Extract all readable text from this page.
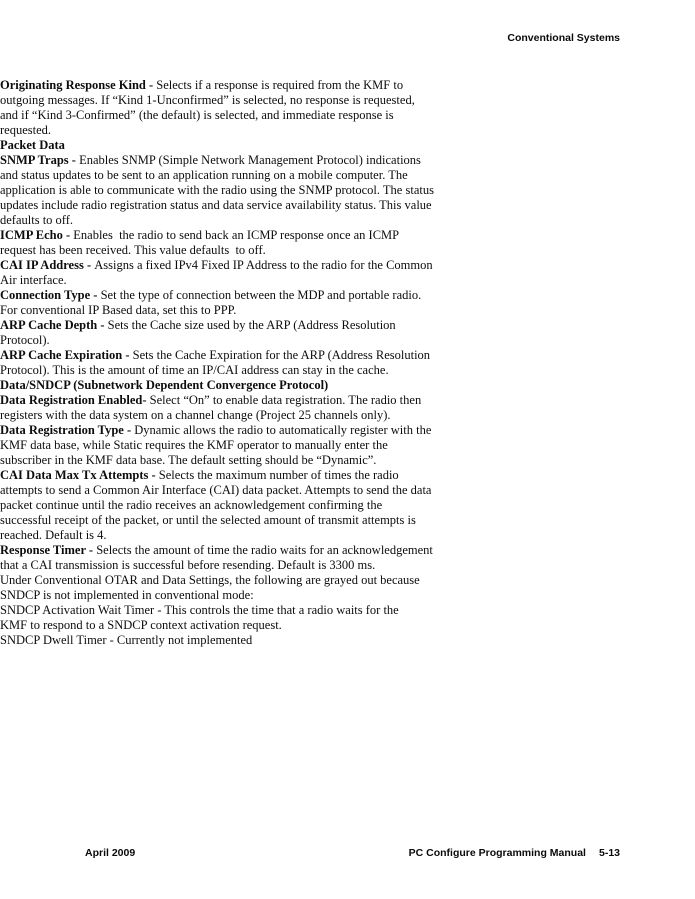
Conventional Systems

Originating Response Kind - Selects if a response is required from the KMF to outgoing messages. If “Kind 1-Unconfirmed” is selected, no response is requested, and if “Kind 3-Confirmed” (the default) is selected, and immediate response is requested.

Packet Data

SNMP Traps - Enables SNMP (Simple Network Management Protocol) indications and status updates to be sent to an application running on a mobile computer. The application is able to communicate with the radio using the SNMP protocol. The status updates include radio registration status and data service availability status. This value defaults to off.

ICMP Echo - Enables  the radio to send back an ICMP response once an ICMP request has been received. This value defaults  to off.

CAI IP Address - Assigns a fixed IPv4 Fixed IP Address to the radio for the Common Air interface.

Connection Type - Set the type of connection between the MDP and portable radio. For conventional IP Based data, set this to PPP.

ARP Cache Depth - Sets the Cache size used by the ARP (Address Resolution Protocol).

ARP Cache Expiration - Sets the Cache Expiration for the ARP (Address Resolution Protocol). This is the amount of time an IP/CAI address can stay in the cache.

Data/SNDCP (Subnetwork Dependent Convergence Protocol)

Data Registration Enabled- Select “On” to enable data registration. The radio then registers with the data system on a channel change (Project 25 channels only).

Data Registration Type - Dynamic allows the radio to automatically register with the KMF data base, while Static requires the KMF operator to manually enter the subscriber in the KMF data base. The default setting should be “Dynamic”.

CAI Data Max Tx Attempts - Selects the maximum number of times the radio attempts to send a Common Air Interface (CAI) data packet. Attempts to send the data packet continue until the radio receives an acknowledgement confirming the successful receipt of the packet, or until the selected amount of transmit attempts is reached. Default is 4.

Response Timer - Selects the amount of time the radio waits for an acknowledgement that a CAI transmission is successful before resending. Default is 3300 ms.

Under Conventional OTAR and Data Settings, the following are grayed out because SNDCP is not implemented in conventional mode:

SNDCP Activation Wait Timer - This controls the time that a radio waits for the KMF to respond to a SNDCP context activation request.

SNDCP Dwell Timer - Currently not implemented

April 2009	PC Configure Programming Manual 5-13
